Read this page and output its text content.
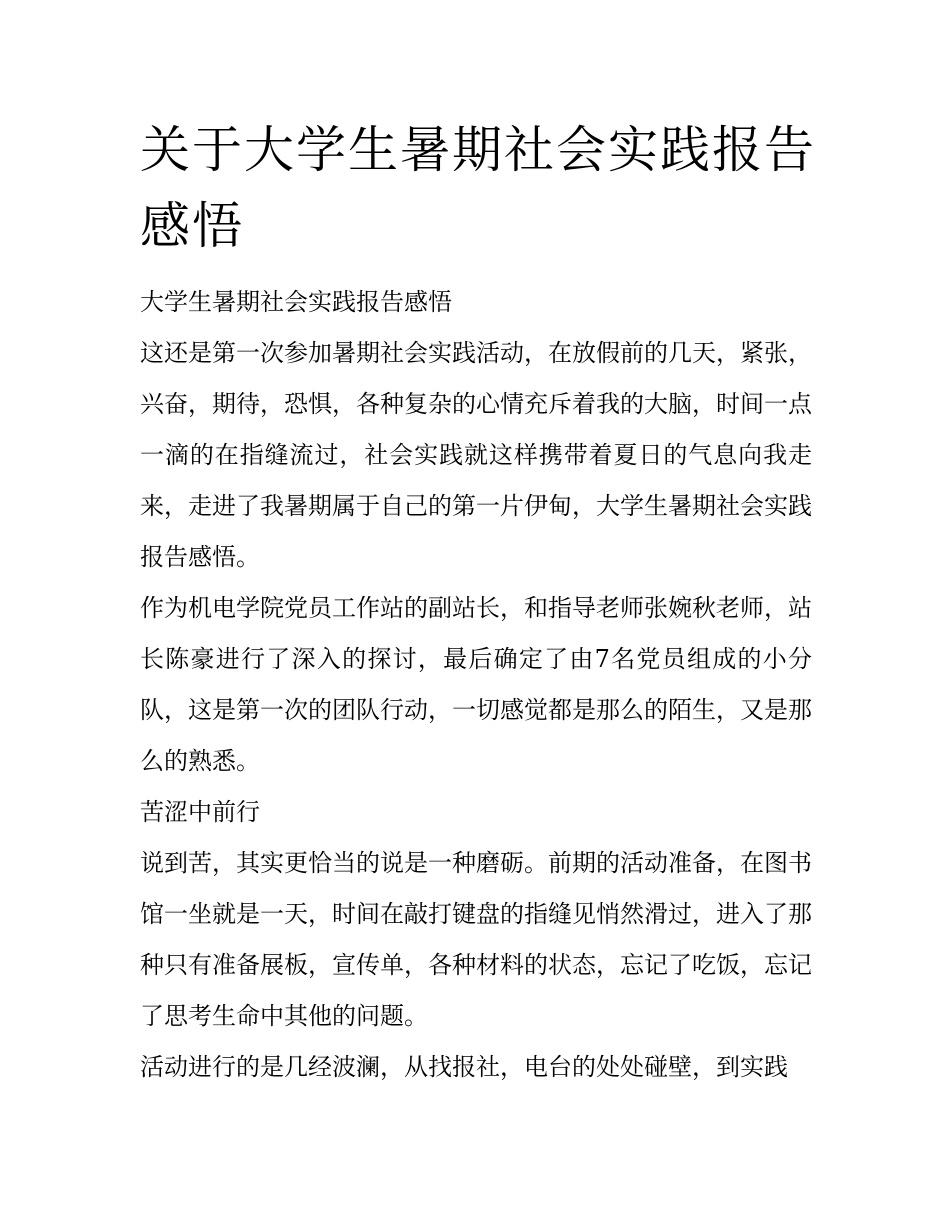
关于大学生暑期社会实践报告感悟

大学生暑期社会实践报告感悟

这还是第一次参加暑期社会实践活动，在放假前的几天，紧张，兴奋，期待，恐惧，各种复杂的心情充斥着我的大脑，时间一点一滴的在指缝流过，社会实践就这样携带着夏日的气息向我走来，走进了我暑期属于自己的第一片伊甸，大学生暑期社会实践报告感悟。

作为机电学院党员工作站的副站长，和指导老师张婉秋老师，站长陈豪进行了深入的探讨，最后确定了由7名党员组成的小分队，这是第一次的团队行动，一切感觉都是那么的陌生，又是那么的熟悉。

苦涩中前行

说到苦，其实更恰当的说是一种磨砺。前期的活动准备，在图书馆一坐就是一天，时间在敲打键盘的指缝见悄然滑过，进入了那种只有准备展板，宣传单，各种材料的状态，忘记了吃饭，忘记了思考生命中其他的问题。

活动进行的是几经波澜，从找报社，电台的处处碰壁，到实践
